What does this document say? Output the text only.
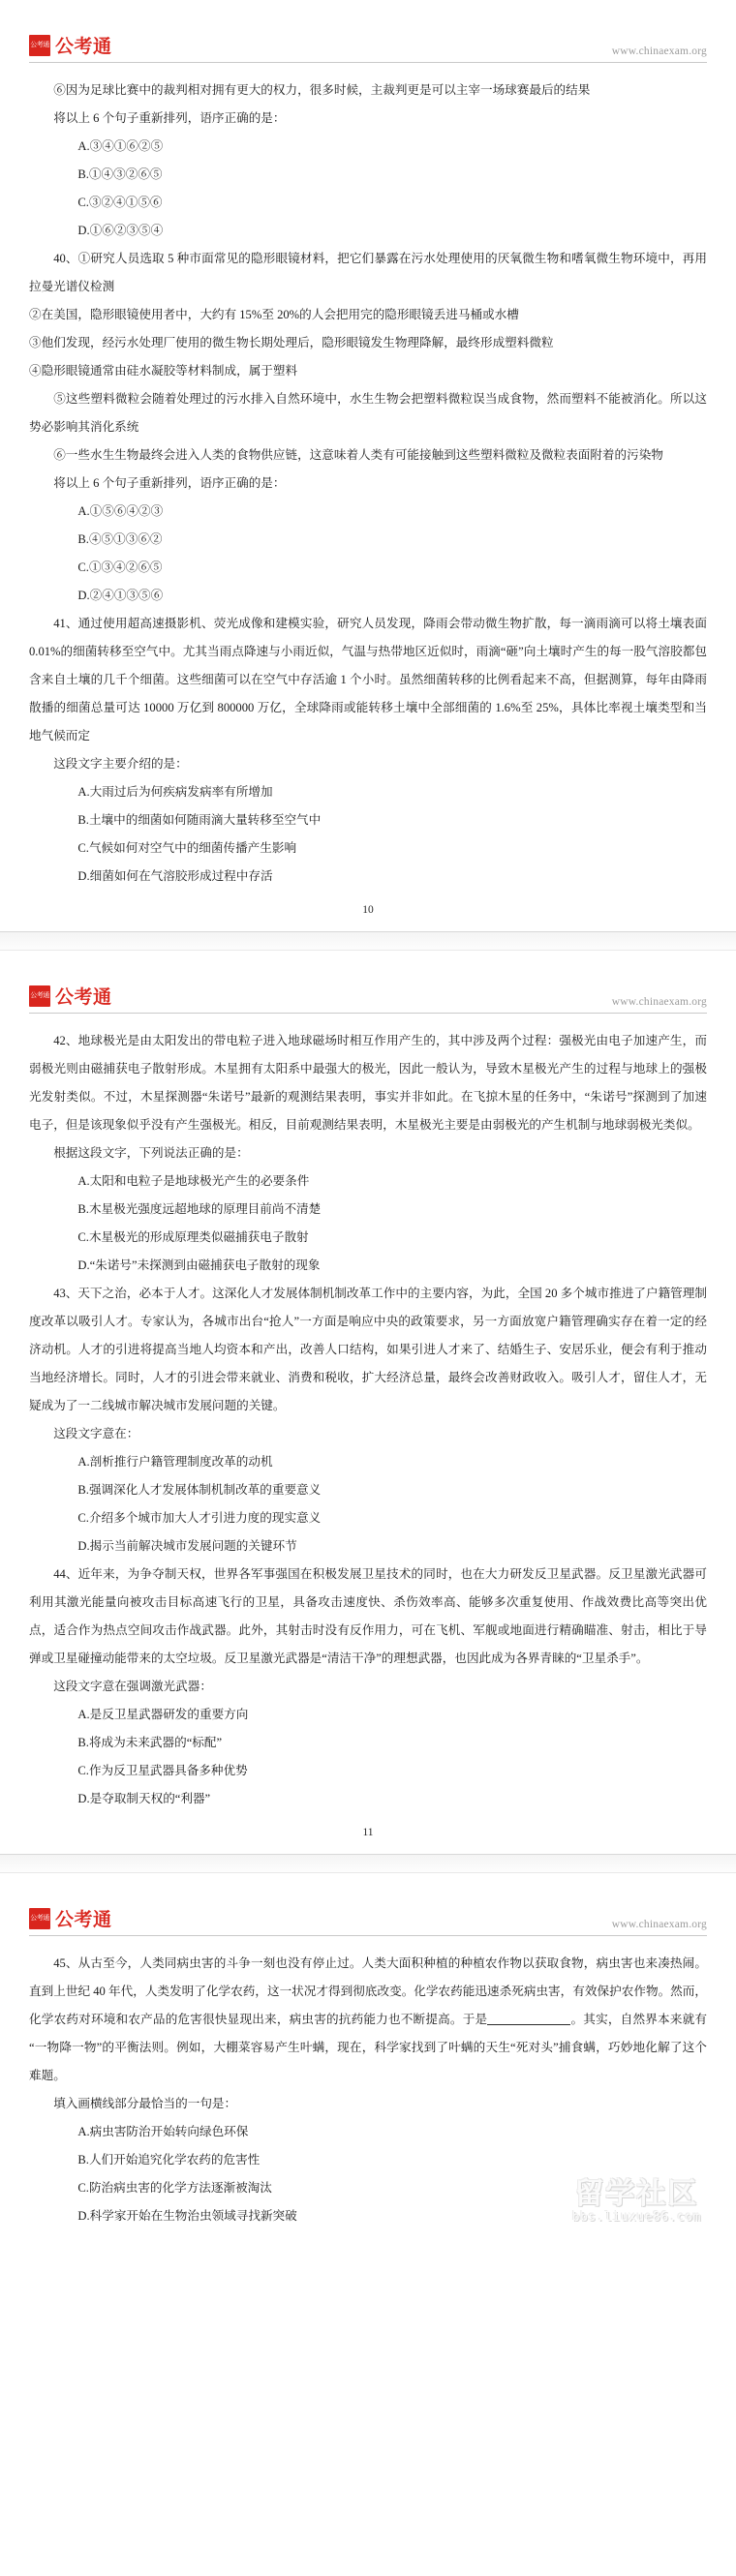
公考通 公考通	www.chinaexam.org

⑥因为足球比赛中的裁判相对拥有更大的权力，很多时候，主裁判更是可以主宰一场球赛最后的结果

将以上 6 个句子重新排列，语序正确的是：

A.③④①⑥②⑤

B.①④③②⑥⑤

C.③②④①⑤⑥

D.①⑥②③⑤④

40、①研究人员选取 5 种市面常见的隐形眼镜材料，把它们暴露在污水处理使用的厌氧微生物和嗜氧微生物环境中，再用拉曼光谱仪检测

②在美国，隐形眼镜使用者中，大约有 15%至 20%的人会把用完的隐形眼镜丢进马桶或水槽

③他们发现，经污水处理厂使用的微生物长期处理后，隐形眼镜发生物理降解，最终形成塑料微粒

④隐形眼镜通常由硅水凝胶等材料制成，属于塑料

⑤这些塑料微粒会随着处理过的污水排入自然环境中，水生生物会把塑料微粒误当成食物，然而塑料不能被消化。所以这势必影响其消化系统

⑥一些水生生物最终会进入人类的食物供应链，这意味着人类有可能接触到这些塑料微粒及微粒表面附着的污染物

将以上 6 个句子重新排列，语序正确的是：

A.①⑤⑥④②③

B.④⑤①③⑥②

C.①③④②⑥⑤

D.②④①③⑤⑥

41、通过使用超高速摄影机、荧光成像和建模实验，研究人员发现，降雨会带动微生物扩散，每一滴雨滴可以将土壤表面 0.01%的细菌转移至空气中。尤其当雨点降速与小雨近似，气温与热带地区近似时，雨滴“砸”向土壤时产生的每一股气溶胶都包含来自土壤的几千个细菌。这些细菌可以在空气中存活逾 1 个小时。虽然细菌转移的比例看起来不高，但据测算，每年由降雨散播的细菌总量可达 10000 万亿到 800000 万亿，全球降雨或能转移土壤中全部细菌的 1.6%至 25%，具体比率视土壤类型和当地气候而定

这段文字主要介绍的是：

A.大雨过后为何疾病发病率有所增加

B.土壤中的细菌如何随雨滴大量转移至空气中

C.气候如何对空气中的细菌传播产生影响

D.细菌如何在气溶胶形成过程中存活

10
公考通 公考通	www.chinaexam.org

42、地球极光是由太阳发出的带电粒子进入地球磁场时相互作用产生的，其中涉及两个过程：强极光由电子加速产生，而弱极光则由磁捕获电子散射形成。木星拥有太阳系中最强大的极光，因此一般认为，导致木星极光产生的过程与地球上的强极光发射类似。不过，木星探测器“朱诺号”最新的观测结果表明，事实并非如此。在飞掠木星的任务中，“朱诺号”探测到了加速电子，但是该现象似乎没有产生强极光。相反，目前观测结果表明，木星极光主要是由弱极光的产生机制与地球弱极光类似。

根据这段文字，下列说法正确的是：

A.太阳和电粒子是地球极光产生的必要条件

B.木星极光强度远超地球的原理目前尚不清楚

C.木星极光的形成原理类似磁捕获电子散射

D.“朱诺号”未探测到由磁捕获电子散射的现象

43、天下之治，必本于人才。这深化人才发展体制机制改革工作中的主要内容，为此，全国 20 多个城市推进了户籍管理制度改革以吸引人才。专家认为，各城市出台“抢人”一方面是响应中央的政策要求，另一方面放宽户籍管理确实存在着一定的经济动机。人才的引进将提高当地人均资本和产出，改善人口结构，如果引进人才来了、结婚生子、安居乐业，便会有利于推动当地经济增长。同时，人才的引进会带来就业、消费和税收，扩大经济总量，最终会改善财政收入。吸引人才，留住人才，无疑成为了一二线城市解决城市发展问题的关键。

这段文字意在：

A.剖析推行户籍管理制度改革的动机

B.强调深化人才发展体制机制改革的重要意义

C.介绍多个城市加大人才引进力度的现实意义

D.揭示当前解决城市发展问题的关键环节

44、近年来，为争夺制天权，世界各军事强国在积极发展卫星技术的同时，也在大力研发反卫星武器。反卫星激光武器可利用其激光能量向被攻击目标高速飞行的卫星，具备攻击速度快、杀伤效率高、能够多次重复使用、作战效费比高等突出优点，适合作为热点空间攻击作战武器。此外，其射击时没有反作用力，可在飞机、军舰或地面进行精确瞄准、射击，相比于导弹或卫星碰撞动能带来的太空垃圾。反卫星激光武器是“清洁干净”的理想武器，也因此成为各界青睐的“卫星杀手”。

这段文字意在强调激光武器：

A.是反卫星武器研发的重要方向

B.将成为未来武器的“标配”

C.作为反卫星武器具备多种优势

D.是夺取制天权的“利器”

11
公考通 公考通	www.chinaexam.org

45、从古至今，人类同病虫害的斗争一刻也没有停止过。人类大面积种植的种植农作物以获取食物，病虫害也来凑热闹。直到上世纪 40 年代，人类发明了化学农药，这一状况才得到彻底改变。化学农药能迅速杀死病虫害，有效保护农作物。然而，化学农药对环境和农产品的危害很快显现出来，病虫害的抗药能力也不断提高。于是	。其实，自然界本来就有“一物降一物”的平衡法则。例如，大棚菜容易产生叶螨，现在，科学家找到了叶螨的天生“死对头”捕食螨，巧妙地化解了这个难题。

填入画横线部分最恰当的一句是：

A.病虫害防治开始转向绿色环保

B.人们开始追究化学农药的危害性

C.防治病虫害的化学方法逐渐被淘汰

D.科学家开始在生物治虫领域寻找新突破

留学社区
bbs.liuxue86.com
